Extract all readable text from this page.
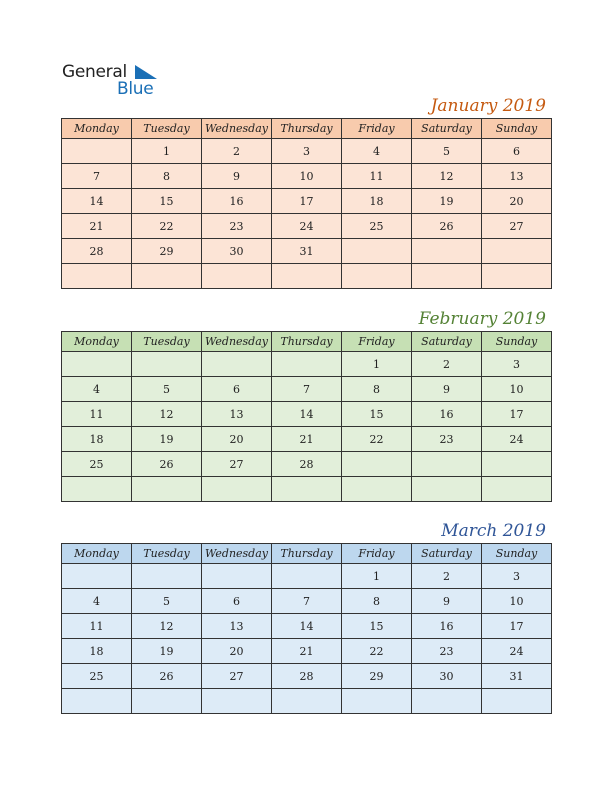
General
Blue
January 2019
Monday	Tuesday	Wednesday	Thursday	Friday	Saturday	Sunday
	1	2	3	4	5	6
7	8	9	10	11	12	13
14	15	16	17	18	19	20
21	22	23	24	25	26	27
28	29	30	31			

February 2019
Monday	Tuesday	Wednesday	Thursday	Friday	Saturday	Sunday
				1	2	3
4	5	6	7	8	9	10
11	12	13	14	15	16	17
18	19	20	21	22	23	24
25	26	27	28			

March 2019
Monday	Tuesday	Wednesday	Thursday	Friday	Saturday	Sunday
				1	2	3
4	5	6	7	8	9	10
11	12	13	14	15	16	17
18	19	20	21	22	23	24
25	26	27	28	29	30	31
